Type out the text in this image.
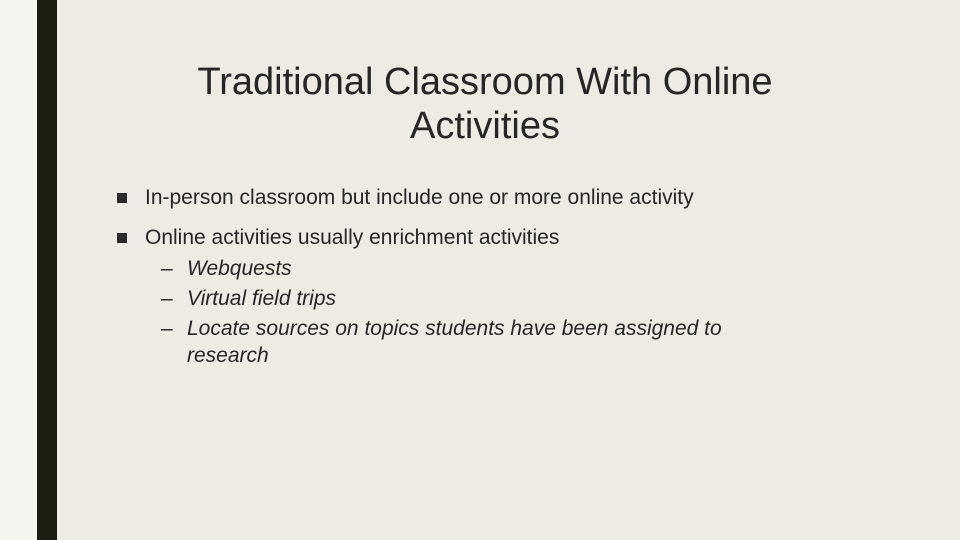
Traditional Classroom With Online
Activities
In-person classroom but include one or more online activity
Online activities usually enrichment activities
– Webquests
– Virtual field trips
– Locate sources on topics students have been assigned to research
